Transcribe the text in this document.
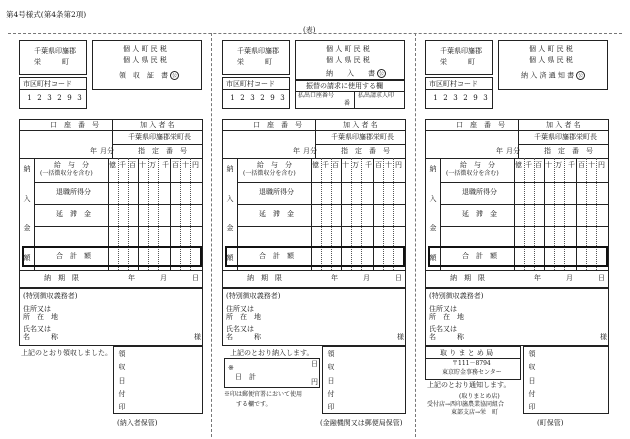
第4号様式(第4条第2項)
(表)
千葉県印旛郡
栄　　　町
個 人 町 民 税
個 人 県 民 税
領　収　証　書 公
市区町村コード
1 2 3 2 9 3
口　座　番　号	加 入 者 名
千葉県印旛郡栄町長
指　定　番　号
年 月分
納
入
金
額
給　与　分
(一括徴収分を含む)
億 千 百 十 万 千 百 十 円
退職所得分
延　滞　金
合　計　額
納　期　限	年	月	日
(特別徴収義務者)
住所又は
所　在　地
氏名又は
名　　　称	様
上記のとおり領収しました。 領
収
日
付
印
(納入者保管)
千葉県印旛郡
栄　　　町
個 人 町 民 税
個 人 県 民 税
納　　入　　書 公
市区町村コード
1 2 3 2 9 3
振替の請求に使用する欄
払出口座番号	払出請求人印
番
口　座　番　号	加 入 者 名
千葉県印旛郡栄町長
指　定　番　号
年 月分
納
入
金
額
給　与　分
(一括徴収分を含む)
億 千 百 十 万 千 百 十 円
退職所得分
延　滞　金
合　計　額
納　期　限	年	月	日
(特別徴収義務者)
住所又は
所　在　地
氏名又は
名　　　称	様
上記のとおり納入します。
※
日　計
日
円
※印は郵便官署において使用
する欄です。
領
収
日
付
印
(金融機関又は郵便局保管)
千葉県印旛郡
栄　　　町
個 人 町 民 税
個 人 県 民 税
納 入 済 通 知 書 公
市区町村コード
1 2 3 2 9 3
口　座　番　号	加 入 者 名
千葉県印旛郡栄町長
指　定　番　号
年 月分
納
入
金
額
給　与　分
(一括徴収分を含む)
億 千 百 十 万 千 百 十 円
退職所得分
延　滞　金
合　計　額
納　期　限	年	月	日
(特別徴収義務者)
住所又は
所　在　地
氏名又は
名　　　称	様
取 り ま と め 局
〒111－8794
東京貯金事務センター
上記のとおり通知します。
(取りまとめ店)
受付店→西印旛農業協同組合
東部支店→栄　町
領
収
日
付
印
(町保管)
